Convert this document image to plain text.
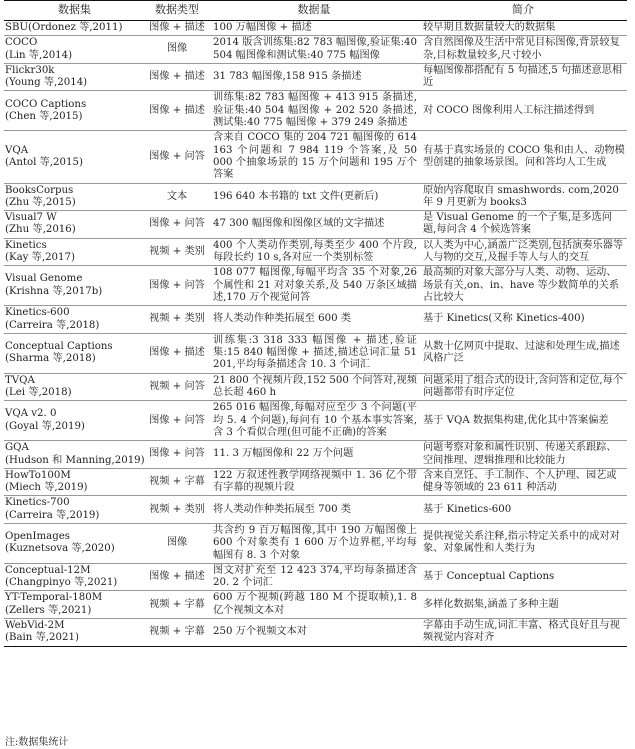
数据集	数据类型	数据量	简介

SBU(Ordonez 等,2011)	图像 + 描述	100 万幅图像 + 描述	较早期且数据量较大的数据集

COCO
(Lin 等,2014)	图像	2014 版含训练集:82 783 幅图像,验证集:40 504 幅图像和测试集:40 775 幅图像	含自然图像及生活中常见目标图像,背景较复杂,目标数量较多,尺寸较小

Flickr30k
(Young 等,2014)	图像 + 描述	31 783 幅图像,158 915 条描述	每幅图像都搭配有 5 句描述,5 句描述意思相近

COCO Captions
(Chen 等,2015)	图像 + 描述	训练集:82 783 幅图像 + 413 915 条描述,验证集:40 504 幅图像 + 202 520 条描述,测试集:40 775 幅图像 + 379 249 条描述	对 COCO 图像利用人工标注描述得到

VQA
(Antol 等,2015)	图像 + 问答	含来自 COCO 集的 204 721 幅图像的 614 163 个问题和 7 984 119 个答案,及 50 000 个抽象场景的 15 万个问题和 195 万个答案	有基于真实场景的 COCO 集和由人、动物模型创建的抽象场景图。问和答均人工生成

BooksCorpus
(Zhu 等,2015)	文本	196 640 本书籍的 txt 文件(更新后)	原始内容爬取自 smashwords. com,2020 年 9 月更新为 books3

Visual7 W
(Zhu 等,2016)	图像 + 问答	47 300 幅图像和图像区域的文字描述	是 Visual Genome 的一个子集,是多选问题,每问含 4 个候选答案

Kinetics
(Kay 等,2017)	视频 + 类别	400 个人类动作类别,每类至少 400 个片段,每段长约 10 s,各对应一个类别标签	以人类为中心,涵盖广泛类别,包括演奏乐器等人与物的交互,及握手等人与人的交互

Visual Genome
(Krishna 等,2017b)	图像 + 问答	108 077 幅图像,每幅平均含 35 个对象,26 个属性和 21 对对象关系,及 540 万条区域描述,170 万个视觉问答	最高频的对象大部分与人类、动物、运动、场景有关,on、in、have 等少数简单的关系占比较大

Kinetics-600
(Carreira 等,2018)	视频 + 类别	将人类动作种类拓展至 600 类	基于 Kinetics(又称 Kinetics-400)

Conceptual Captions
(Sharma 等,2018)	图像 + 描述	训练集:3 318 333 幅图像 + 描述,验证集:15 840 幅图像 + 描述,描述总词汇量 51 201,平均每条描述含 10. 3 个词汇	从数十亿网页中提取、过滤和处理生成,描述风格广泛

TVQA
(Lei 等,2018)	视频 + 问答	21 800 个视频片段,152 500 个问答对,视频总长超 460 h	问题采用了组合式的设计,含问答和定位,每个问题都带有时序定位

VQA v2. 0
(Goyal 等,2019)	图像 + 问答	265 016 幅图像,每幅对应至少 3 个问题(平均 5. 4 个问题),每问有 10 个基本事实答案,含 3 个看似合理(但可能不正确)的答案	基于 VQA 数据集构建,优化其中答案偏差

GQA
(Hudson 和 Manning,2019)	图像 + 问答	11. 3 万幅图像和 22 万个问题	问题考察对象和属性识别、传递关系跟踪、空间推理、逻辑推理和比较能力

HowTo100M
(Miech 等,2019)	视频 + 字幕	122 万叙述性教学网络视频中 1. 36 亿个带有字幕的视频片段	含来自烹饪、手工制作、个人护理、园艺或健身等领域的 23 611 种活动

Kinetics-700
(Carreira 等,2019)	视频 + 类别	将人类动作种类拓展至 700 类	基于 Kinetics-600

OpenImages
(Kuznetsova 等,2020)	图像	共含约 9 百万幅图像,其中 190 万幅图像上 600 个对象类有 1 600 万个边界框,平均每幅图有 8. 3 个对象	提供视觉关系注释,指示特定关系中的成对对象、对象属性和人类行为

Conceptual-12M
(Changpinyo 等,2021)	图像 + 描述	图文对扩充至 12 423 374,平均每条描述含 20. 2 个词汇	基于 Conceptual Captions

YT-Temporal-180M
(Zellers 等,2021)	视频 + 字幕	600 万个视频(跨越 180 M 个提取帧),1. 8 亿个视频文本对	多样化数据集,涵盖了多种主题

WebVid-2M
(Bain 等,2021)	视频 + 字幕	250 万个视频文本对	字幕由手动生成,词汇丰富、格式良好且与视频视觉内容对齐
注:数据集统计
